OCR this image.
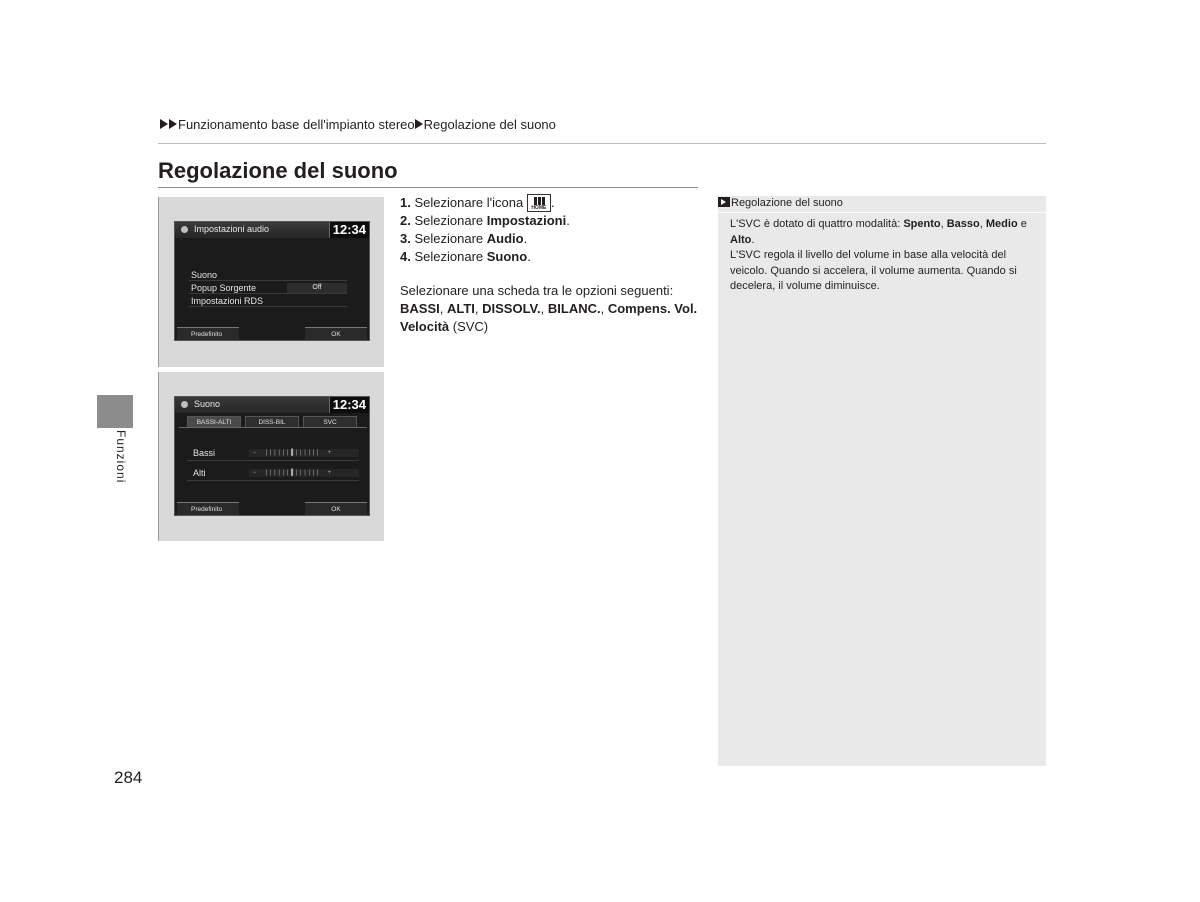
Funzionamento base dell'impianto stereo Regolazione del suono
Regolazione del suono
Impostazioni audio	12:34
Suono
Popup Sorgente	Off
Impostazioni RDS
Predefinito	OK
Suono	12:34
BASSI-ALTI	DISS-BIL	SVC
Bassi	−    | | | | | | ▌| | | | | |    +
Alti	−    | | | | | | ▌| | | | | |    +
Predefinito	OK
1. Selezionare l'icona	HOME .
2. Selezionare Impostazioni.
3. Selezionare Audio.
4. Selezionare Suono.
Selezionare una scheda tra le opzioni seguenti:
BASSI, ALTI, DISSOLV., BILANC., Compens. Vol. Velocità (SVC)
Regolazione del suono
L'SVC è dotato di quattro modalità: Spento, Basso, Medio e Alto.
L'SVC regola il livello del volume in base alla velocità del veicolo. Quando si accelera, il volume aumenta. Quando si decelera, il volume diminuisce.
Funzioni
284
